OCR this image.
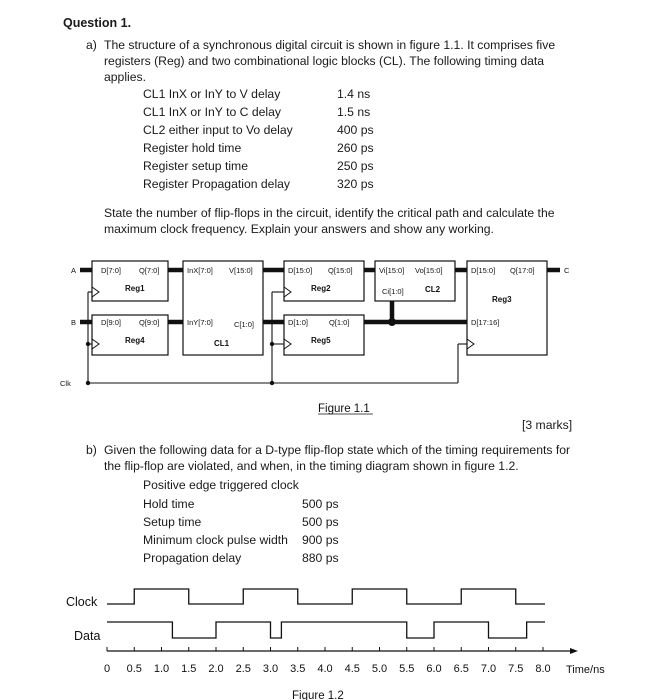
Question 1.
a) The structure of a synchronous digital circuit is shown in figure 1.1. It comprises five registers (Reg) and two combinational logic blocks (CL). The following timing data applies.
CL1 InX or InY to V delay	1.4 ns
CL1 InX or InY to C delay	1.5 ns
CL2 either input to Vo delay	400 ps
Register hold time	260 ps
Register setup time	250 ps
Register Propagation delay	320 ps
State the number of flip-flops in the circuit, identify the critical path and calculate the maximum clock frequency. Explain your answers and show any working.
A
B
C
Clk
D[7:0] Q[7:0]
Reg1
D[9:0] Q[9:0]
Reg4
InX[7:0] V[15:0]
InY[7:0]	C[1:0]
CL1
D[15:0] Q[15:0]
Reg2
D[1:0]	Q[1:0]
Reg5
Vi[15:0] Vo[15:0]
Ci[1:0]	CL2
D[15:0] Q[17:0]
Reg3
D[17:16]
Figure 1.1
[3 marks]
b) Given the following data for a D-type flip-flop state which of the timing requirements for the flip-flop are violated, and when, in the timing diagram shown in figure 1.2.
Positive edge triggered clock
Hold time	500 ps
Setup time	500 ps
Minimum clock pulse width 900 ps
Propagation delay	880 ps
Clock
Data
0 0.5 1.0 1.5 2.0 2.5 3.0 3.5 4.0 4.5 5.0 5.5 6.0 6.5 7.0 7.5 8.0 Time/ns
Figure 1.2
